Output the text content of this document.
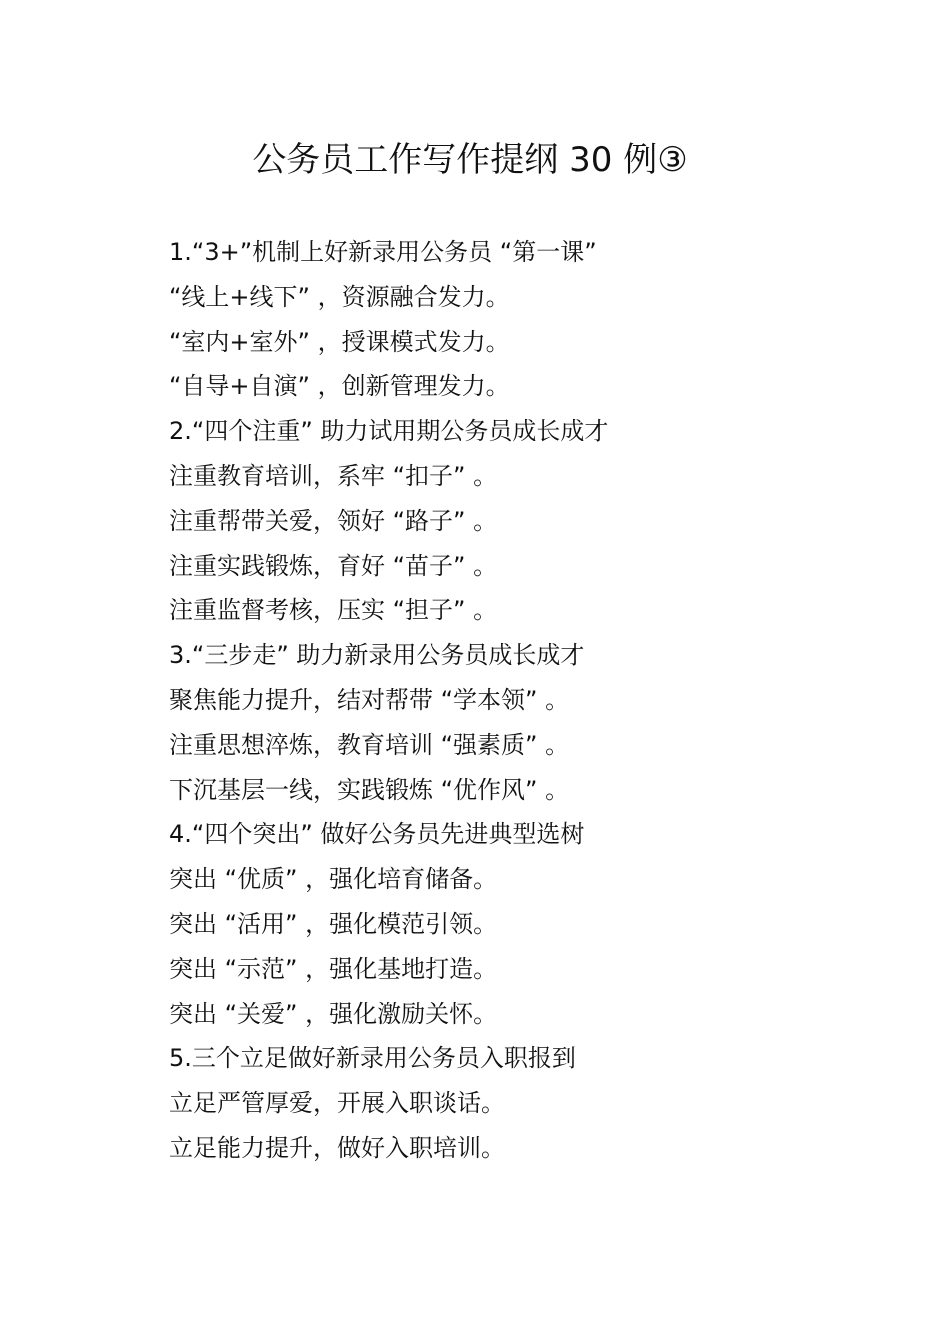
公务员工作写作提纲 30 例③
1.“3+”机制上好新录用公务员 “第一课”
“线上+线下” ，资源融合发力。
“室内+室外” ，授课模式发力。
“自导+自演” ，创新管理发力。
2.“四个注重” 助力试用期公务员成长成才
注重教育培训，系牢 “扣子” 。
注重帮带关爱，领好 “路子” 。
注重实践锻炼，育好 “苗子” 。
注重监督考核，压实 “担子” 。
3.“三步走” 助力新录用公务员成长成才
聚焦能力提升，结对帮带 “学本领” 。
注重思想淬炼，教育培训 “强素质” 。
下沉基层一线，实践锻炼 “优作风” 。
4.“四个突出” 做好公务员先进典型选树
突出 “优质” ，强化培育储备。
突出 “活用” ，强化模范引领。
突出 “示范” ，强化基地打造。
突出 “关爱” ，强化激励关怀。
5.三个立足做好新录用公务员入职报到
立足严管厚爱，开展入职谈话。
立足能力提升，做好入职培训。
